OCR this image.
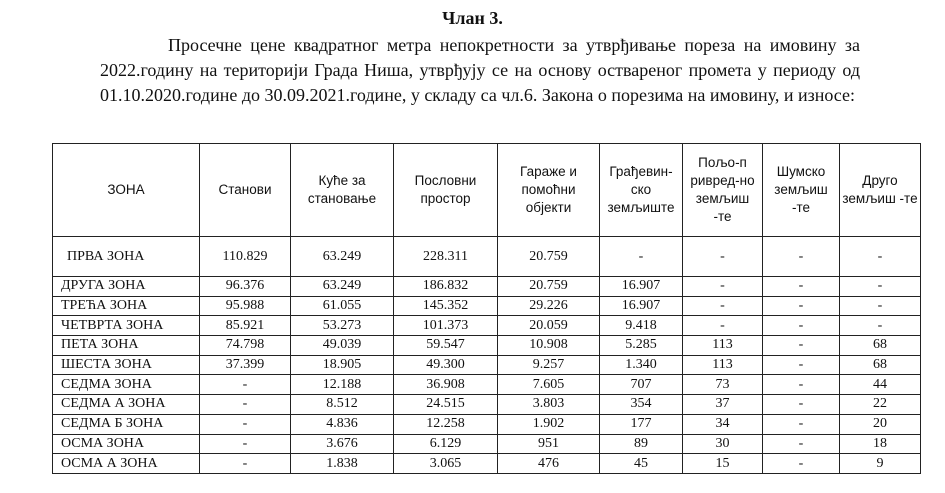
Члан 3.
Просечне цене квадратног метра непокретности за утврђивање пореза на имовину за 2022.годину на територији Града Ниша, утврђују се на основу оствареног промета у периоду од 01.10.2020.године до 30.09.2021.године, у складу са чл.6. Закона о порезима на имовину, и износе:
ЗОНА	Станови	Куће за становање	Пословни простор	Гараже и помоћни објекти	Грађевин-ско земљиште	Пољо-п ривред-но земљиш -те	Шумско земљиш -те	Друго земљиш -те
ПРВА ЗОНА	110.829	63.249	228.311	20.759	-	-	-	-
ДРУГА ЗОНА	96.376	63.249	186.832	20.759	16.907	-	-	-
ТРЕЋА ЗОНА	95.988	61.055	145.352	29.226	16.907	-	-	-
ЧЕТВРТА ЗОНА	85.921	53.273	101.373	20.059	9.418	-	-	-
ПЕТА ЗОНА	74.798	49.039	59.547	10.908	5.285	113	-	68
ШЕСТА ЗОНА	37.399	18.905	49.300	9.257	1.340	113	-	68
СЕДМА ЗОНА	-	12.188	36.908	7.605	707	73	-	44
СЕДМА А ЗОНА	-	8.512	24.515	3.803	354	37	-	22
СЕДМА Б ЗОНА	-	4.836	12.258	1.902	177	34	-	20
ОСМА ЗОНА	-	3.676	6.129	951	89	30	-	18
ОСМА А ЗОНА	-	1.838	3.065	476	45	15	-	9
